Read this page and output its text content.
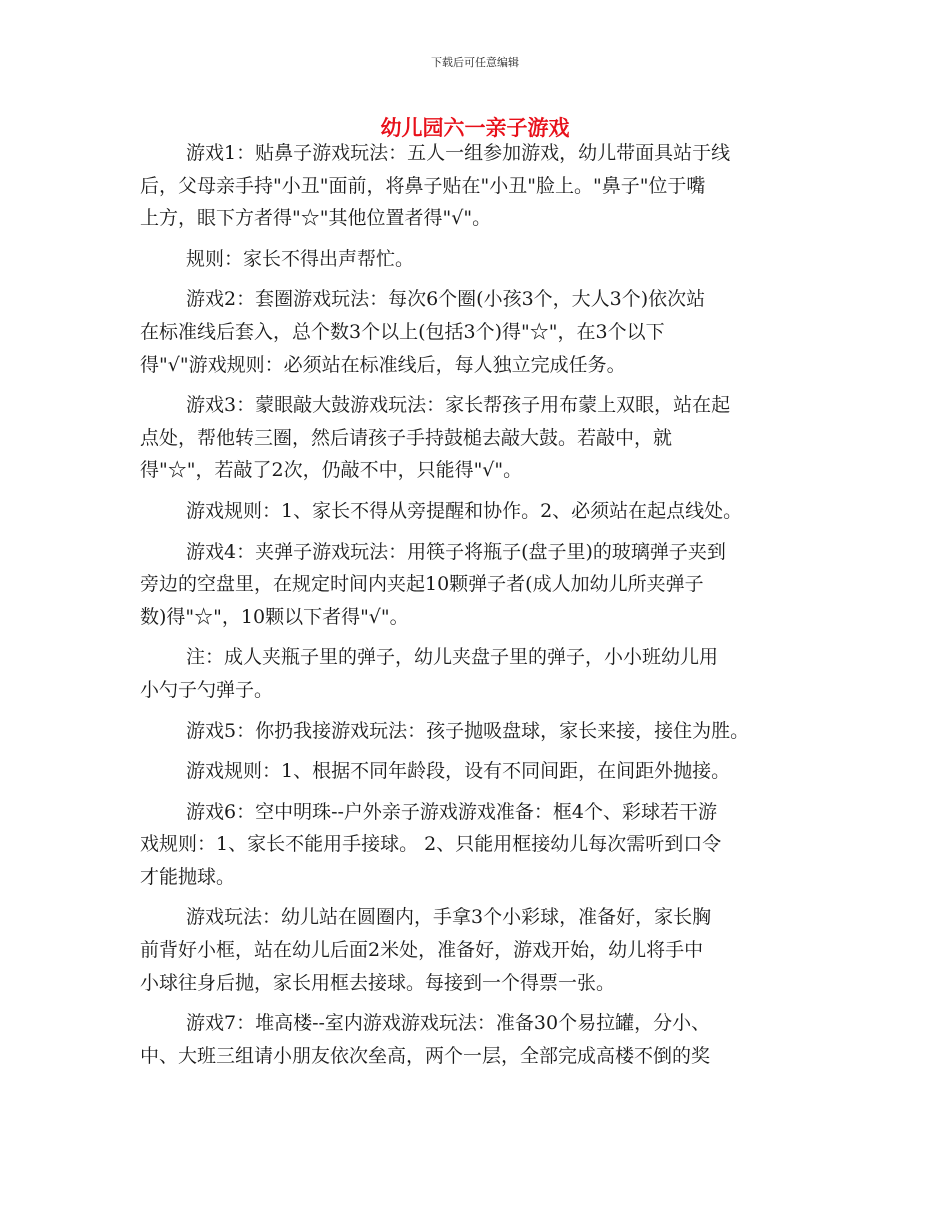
下载后可任意编辑
幼儿园六一亲子游戏

游戏1：贴鼻子游戏玩法：五人一组参加游戏，幼儿带面具站于线
后，父母亲手持"小丑"面前，将鼻子贴在"小丑"脸上。"鼻子"位于嘴
上方，眼下方者得"☆"其他位置者得"√"。

规则：家长不得出声帮忙。

游戏2：套圈游戏玩法：每次6个圈(小孩3个，大人3个)依次站
在标准线后套入，总个数3个以上(包括3个)得"☆"，在3个以下
得"√"游戏规则：必须站在标准线后，每人独立完成任务。

游戏3：蒙眼敲大鼓游戏玩法：家长帮孩子用布蒙上双眼，站在起
点处，帮他转三圈，然后请孩子手持鼓槌去敲大鼓。若敲中，就
得"☆"，若敲了2次，仍敲不中，只能得"√"。

游戏规则：1、家长不得从旁提醒和协作。2、必须站在起点线处。

游戏4：夹弹子游戏玩法：用筷子将瓶子(盘子里)的玻璃弹子夹到
旁边的空盘里，在规定时间内夹起10颗弹子者(成人加幼儿所夹弹子
数)得"☆"，10颗以下者得"√"。

注：成人夹瓶子里的弹子，幼儿夹盘子里的弹子，小小班幼儿用
小勺子勺弹子。

游戏5：你扔我接游戏玩法：孩子抛吸盘球，家长来接，接住为胜。

游戏规则：1、根据不同年龄段，设有不同间距，在间距外抛接。

游戏6：空中明珠--户外亲子游戏游戏准备：框4个、彩球若干游
戏规则：1、家长不能用手接球。 2、只能用框接幼儿每次需听到口令
才能抛球。

游戏玩法：幼儿站在圆圈内，手拿3个小彩球，准备好，家长胸
前背好小框，站在幼儿后面2米处，准备好，游戏开始，幼儿将手中
小球往身后抛，家长用框去接球。每接到一个得票一张。

游戏7：堆高楼--室内游戏游戏玩法：准备30个易拉罐，分小、
中、大班三组请小朋友依次垒高，两个一层，全部完成高楼不倒的奖
